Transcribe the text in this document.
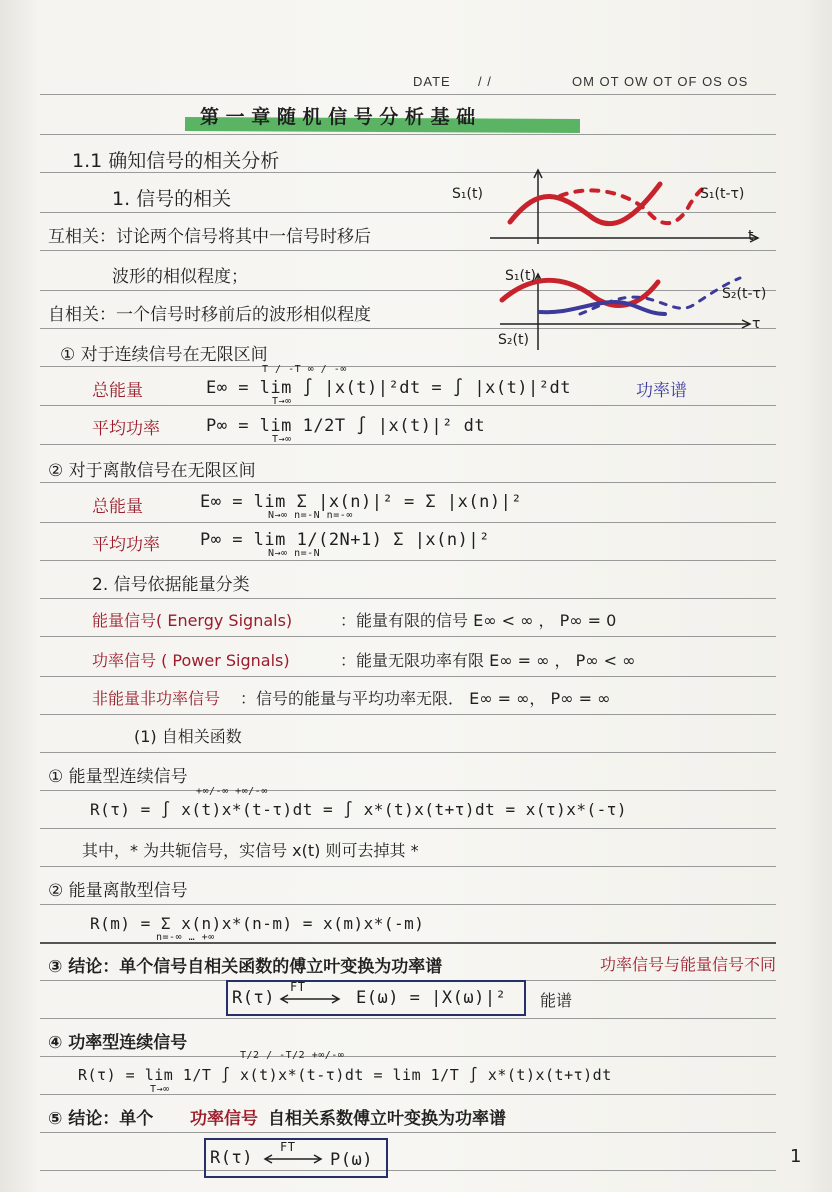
DATE / /	OM OT OW OT OF OS OS
第 一 章 随 机 信 号 分 析 基 础
1.1 确知信号的相关分析
1. 信号的相关
互相关：讨论两个信号将其中一信号时移后
波形的相似程度；
自相关：一个信号时移前后的波形相似程度
S₁(t)	S₁(t-τ)
t
S₁(t)
S₂(t-τ)
S₂(t)
τ
① 对于连续信号在无限区间
总能量	E∞ = lim ∫ |x(t)|²dt = ∫ |x(t)|²dt
T / -T ∞ / -∞
T→∞
功率谱
平均功率	P∞ = lim 1/2T ∫ |x(t)|² dt
T→∞
② 对于离散信号在无限区间
总能量	E∞ = lim Σ |x(n)|² = Σ |x(n)|²
N→∞ n=-N n=-∞
平均功率 P∞ = lim 1/(2N+1) Σ |x(n)|²
N→∞ n=-N
2. 信号依据能量分类
能量信号( Energy Signals)	：能量有限的信号 E∞ < ∞ ， P∞ = 0
功率信号 ( Power Signals)	：能量无限功率有限 E∞ = ∞ ， P∞ < ∞
非能量非功率信号 ：信号的能量与平均功率无限． E∞ = ∞， P∞ = ∞
(1) 自相关函数
① 能量型连续信号
R(τ) = ∫ x(t)x*(t-τ)dt = ∫ x*(t)x(t+τ)dt = x(τ)x*(-τ)
+∞/-∞ +∞/-∞
其中，* 为共轭信号，实信号 x(t) 则可去掉其 *
② 能量离散型信号
R(m) = Σ x(n)x*(n-m) = x(m)x*(-m)
n=-∞ … +∞
③ 结论：单个信号自相关函数的傅立叶变换为功率谱	功率信号与能量信号不同
R(τ)
FT
E(ω) = |X(ω)|² 能谱
④ 功率型连续信号
R(τ) = lim 1/T ∫ x(t)x*(t-τ)dt = lim 1/T ∫ x*(t)x(t+τ)dt
T→∞
T/2 / -T/2 +∞/-∞
⑤ 结论：单个 功率信号 自相关系数傅立叶变换为功率谱
R(τ)
FT
P(ω)	1
